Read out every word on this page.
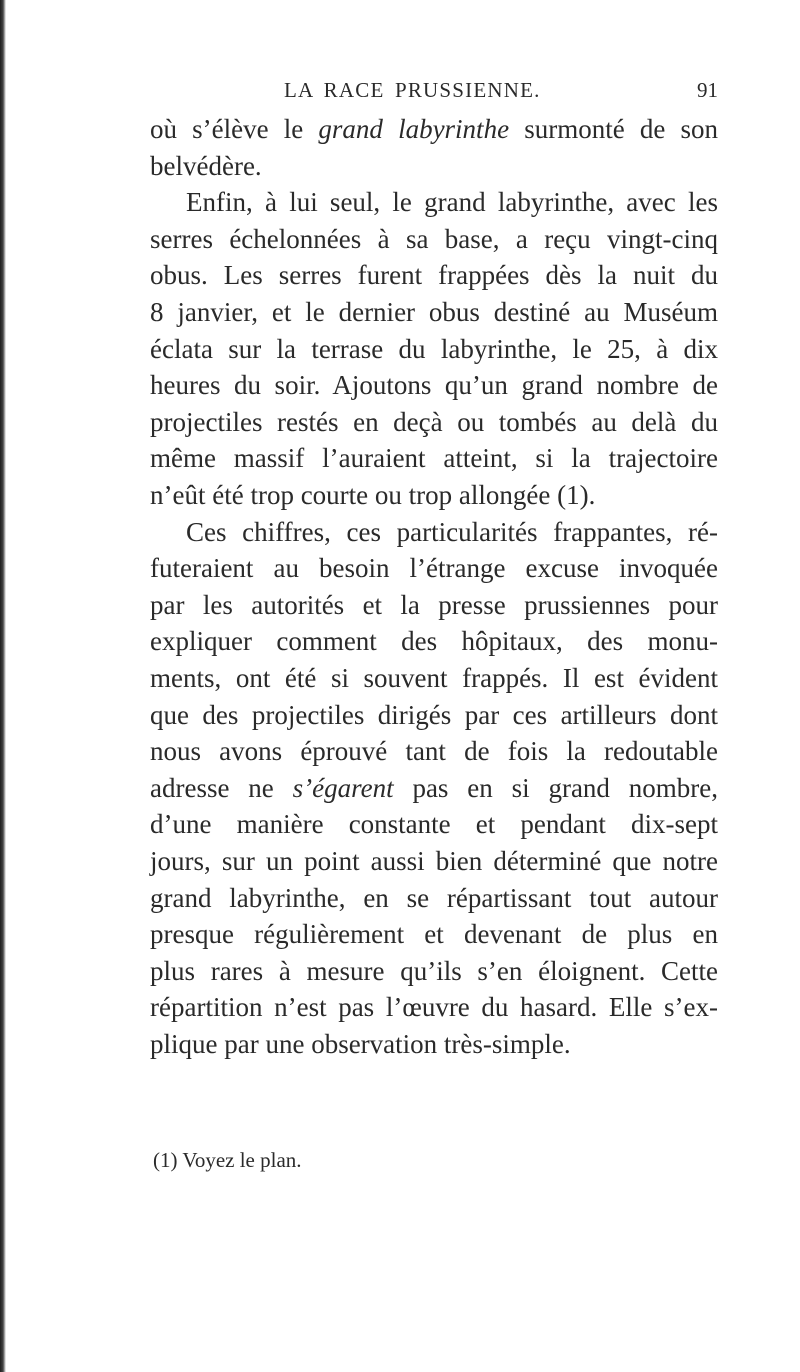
LA RACE PRUSSIENNE.	91
où s’élève le grand labyrinthe surmonté de son
belvédère.
Enfin, à lui seul, le grand labyrinthe, avec les
serres échelonnées à sa base, a reçu vingt-cinq
obus. Les serres furent frappées dès la nuit du
8 janvier, et le dernier obus destiné au Muséum
éclata sur la terrase du labyrinthe, le 25, à dix
heures du soir. Ajoutons qu’un grand nombre de
projectiles restés en deçà ou tombés au delà du
même massif l’auraient atteint, si la trajectoire
n’eût été trop courte ou trop allongée (1).
Ces chiffres, ces particularités frappantes, ré-
futeraient au besoin l’étrange excuse invoquée
par les autorités et la presse prussiennes pour
expliquer comment des hôpitaux, des monu-
ments, ont été si souvent frappés. Il est évident
que des projectiles dirigés par ces artilleurs dont
nous avons éprouvé tant de fois la redoutable
adresse ne s’égarent pas en si grand nombre,
d’une manière constante et pendant dix-sept
jours, sur un point aussi bien déterminé que notre
grand labyrinthe, en se répartissant tout autour
presque régulièrement et devenant de plus en
plus rares à mesure qu’ils s’en éloignent. Cette
répartition n’est pas l’œuvre du hasard. Elle s’ex-
plique par une observation très-simple.
(1) Voyez le plan.
